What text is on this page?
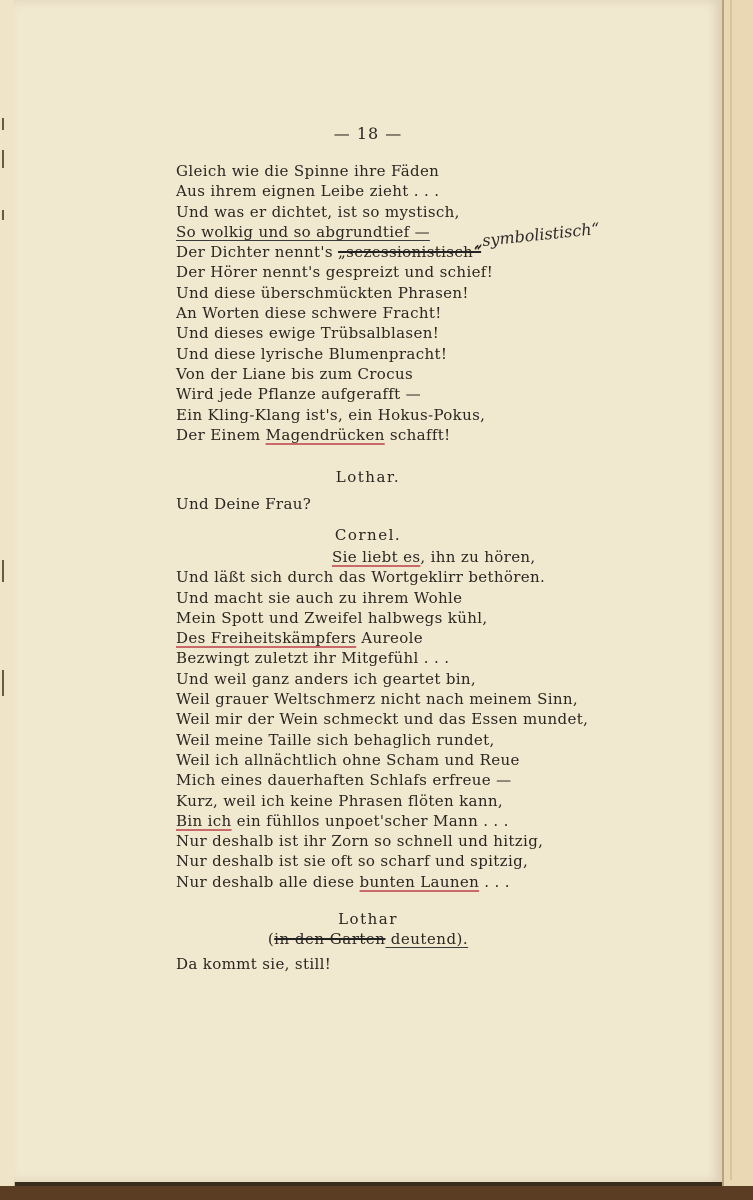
— 18 —
Gleich wie die Spinne ihre Fäden
Aus ihrem eignen Leibe zieht . . .
Und was er dichtet, ist so mystisch,
So wolkig und so abgrundtief —
Der Dichter nennt's „sezessionistisch“
Der Hörer nennt's gespreizt und schief!
Und diese überschmückten Phrasen!
An Worten diese schwere Fracht!
Und dieses ewige Trübsalblasen!
Und diese lyrische Blumenpracht!
Von der Liane bis zum Crocus
Wird jede Pflanze aufgerafft —
Ein Kling-Klang ist's, ein Hokus-Pokus,
Der Einem Magendrücken schafft!
„symbolistisch“
Lothar.
Und Deine Frau?
Cornel.
Sie liebt es, ihn zu hören,
Und läßt sich durch das Wortgeklirr bethören.
Und macht sie auch zu ihrem Wohle
Mein Spott und Zweifel halbwegs kühl,
Des Freiheitskämpfers Aureole
Bezwingt zuletzt ihr Mitgefühl . . .
Und weil ganz anders ich geartet bin,
Weil grauer Weltschmerz nicht nach meinem Sinn,
Weil mir der Wein schmeckt und das Essen mundet,
Weil meine Taille sich behaglich rundet,
Weil ich allnächtlich ohne Scham und Reue
Mich eines dauerhaften Schlafs erfreue —
Kurz, weil ich keine Phrasen flöten kann,
Bin ich ein fühllos unpoet'scher Mann . . .
Nur deshalb ist ihr Zorn so schnell und hitzig,
Nur deshalb ist sie oft so scharf und spitzig,
Nur deshalb alle diese bunten Launen . . .
Lothar
(in den Garten deutend).
Da kommt sie, still!
